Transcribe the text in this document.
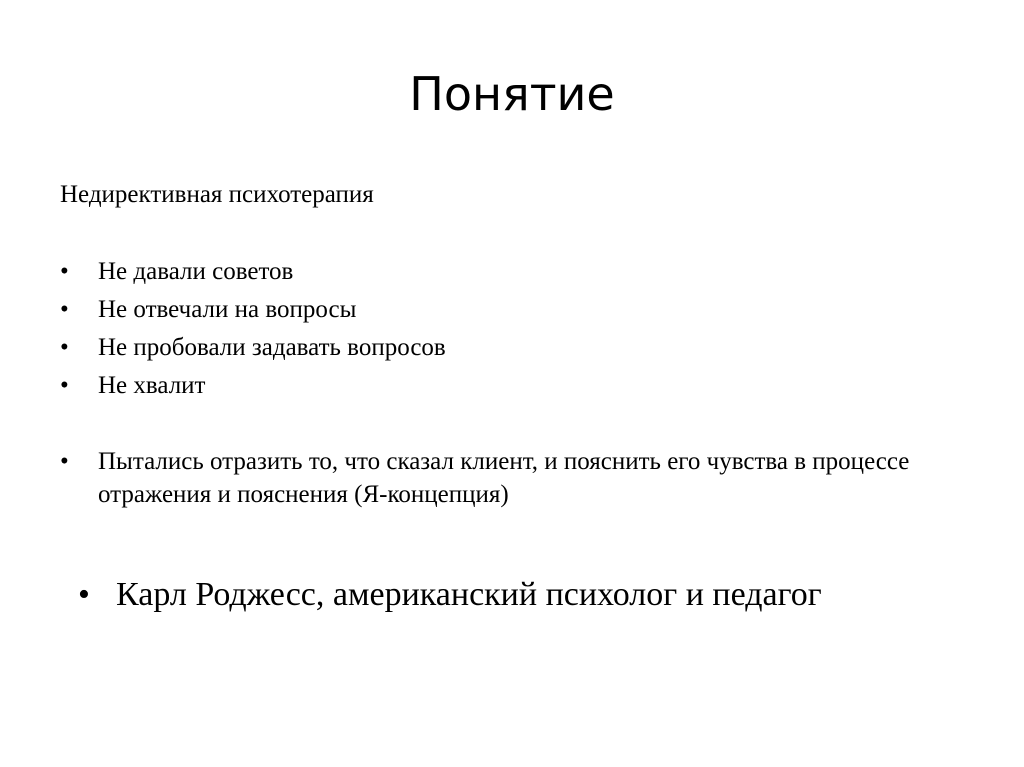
Понятие
Недирективная психотерапия
• Не давали советов
• Не отвечали на вопросы
• Не пробовали задавать вопросов
• Не хвалит
• Пытались отразить то, что сказал клиент, и пояснить его чувства в процессе отражения и пояснения (Я-концепция)
• Карл Роджесс, американский психолог и педагог
